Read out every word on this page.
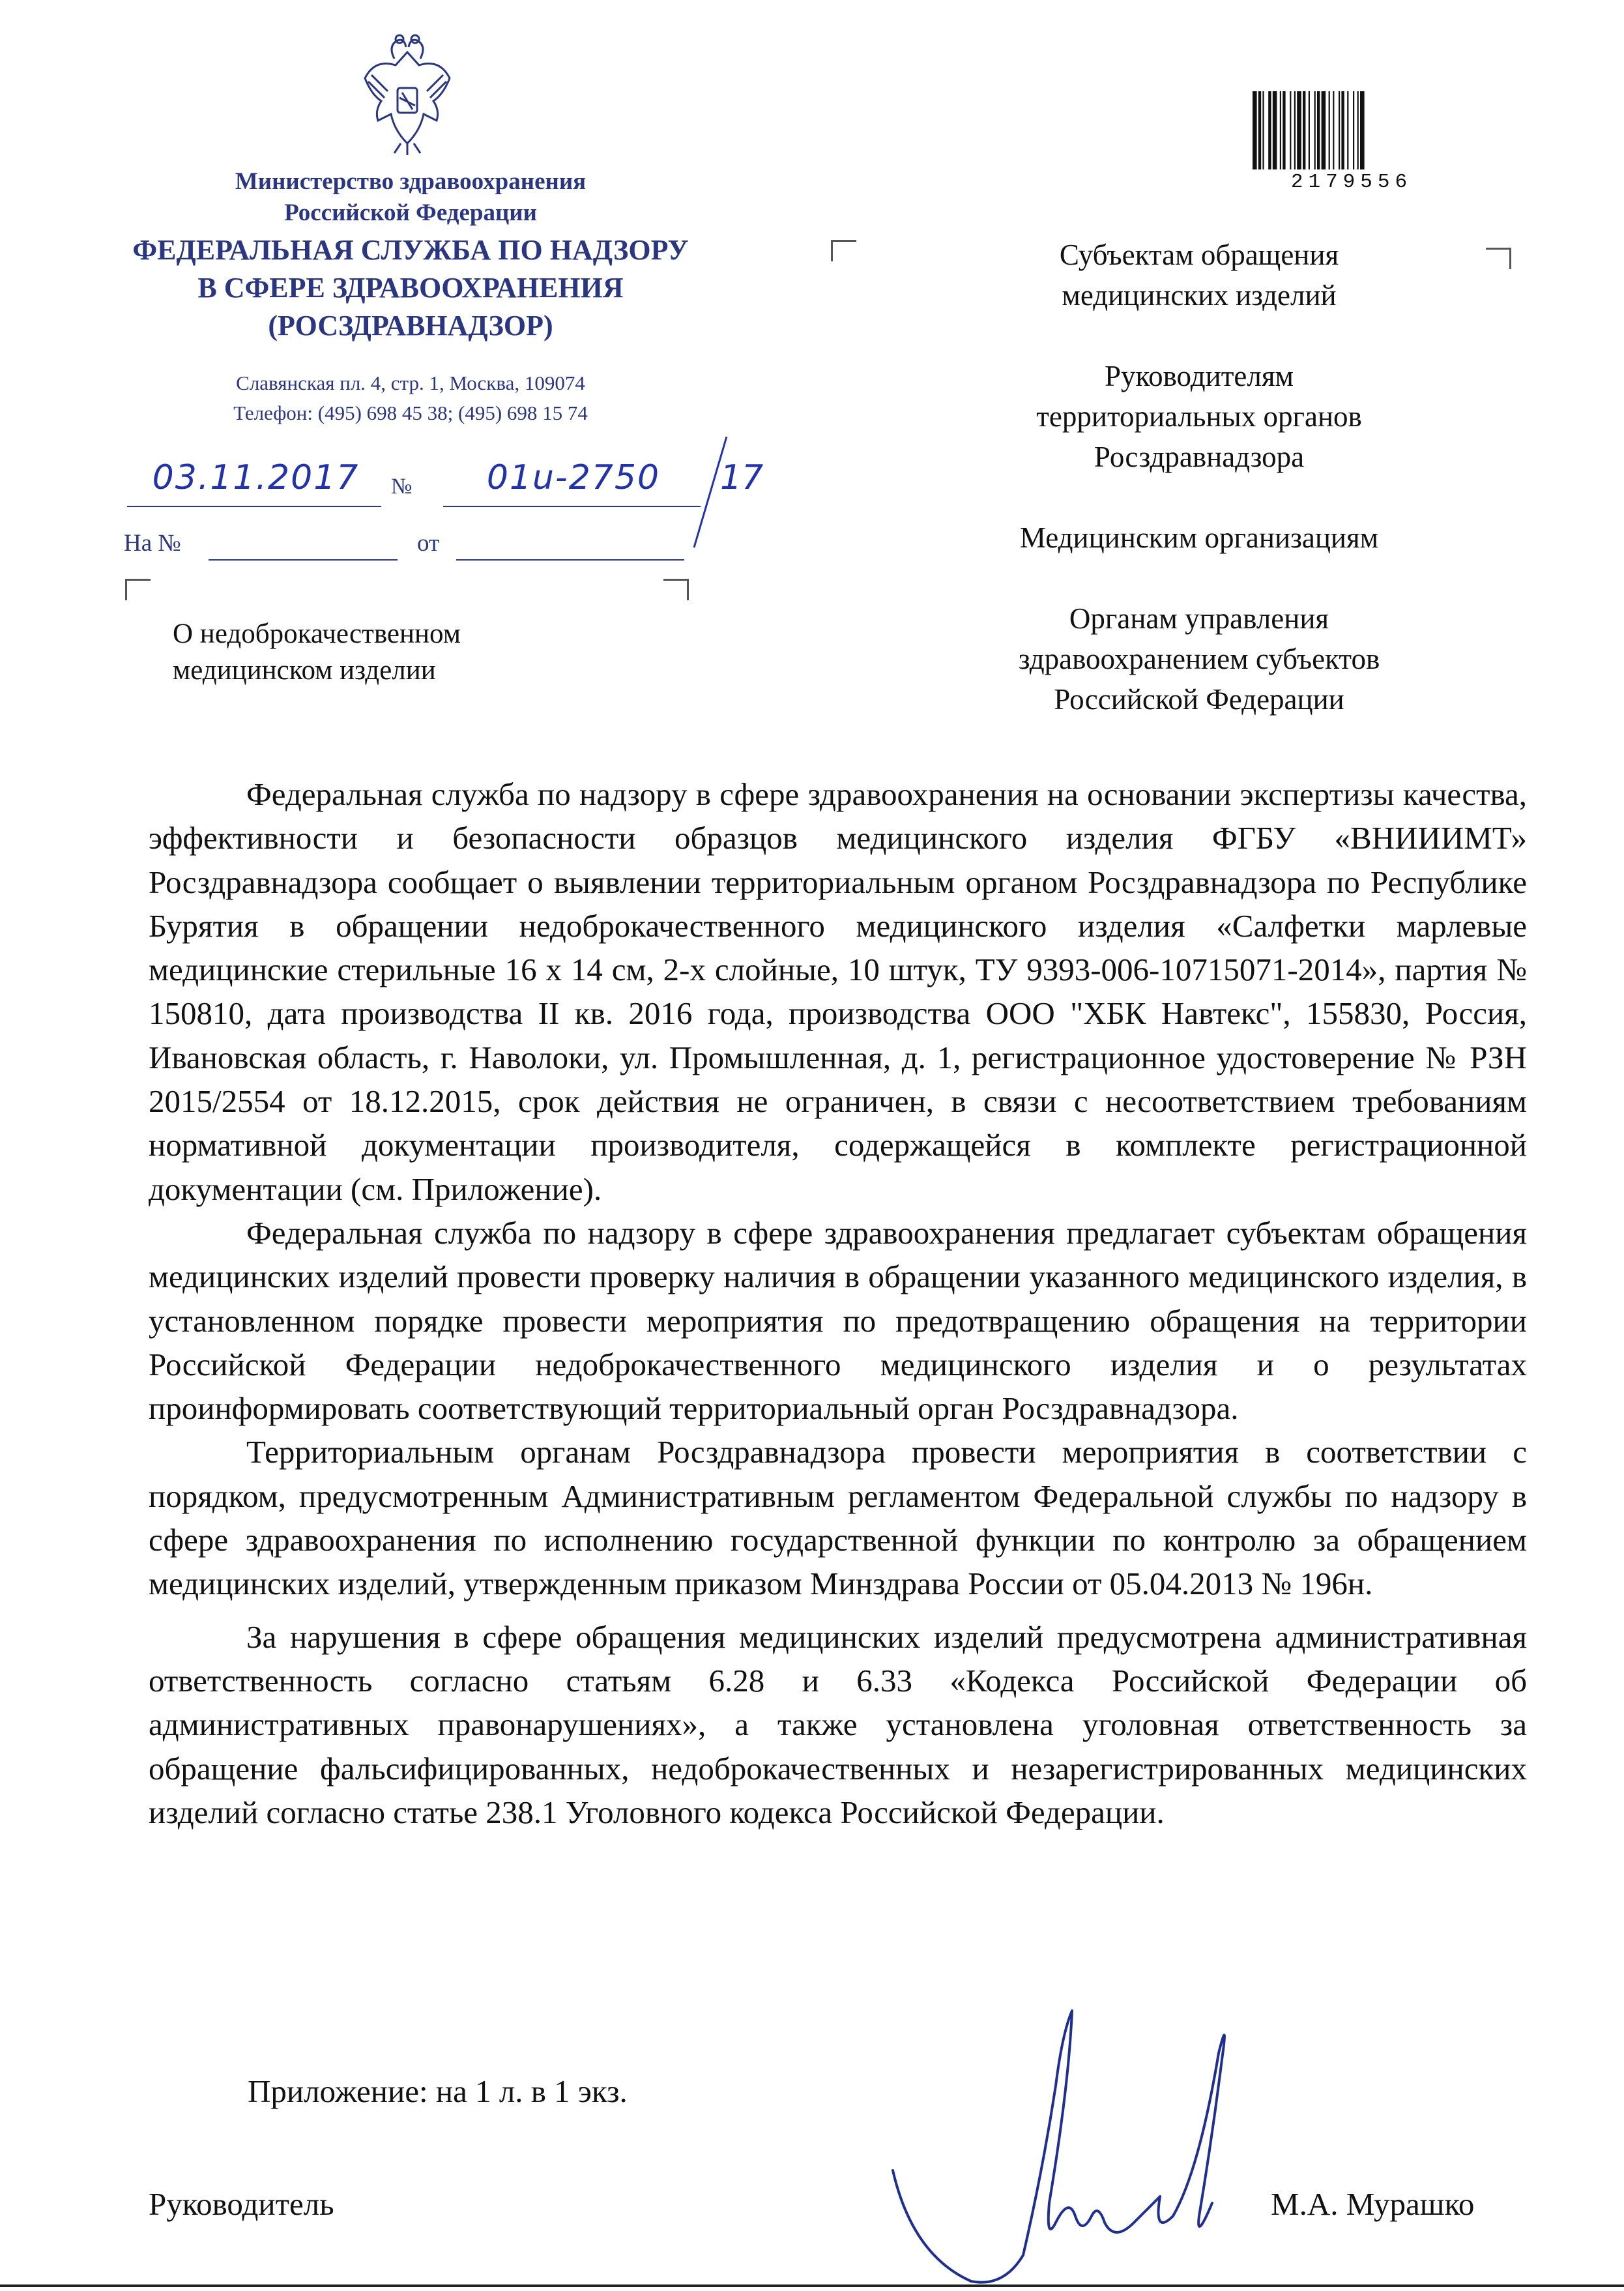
Министерство здравоохранения
Российской Федерации
ФЕДЕРАЛЬНАЯ СЛУЖБА ПО НАДЗОРУ
В СФЕРЕ ЗДРАВООХРАНЕНИЯ
(РОСЗДРАВНАДЗОР)
Славянская пл. 4, стр. 1, Москва, 109074
Телефон: (495) 698 45 38; (495) 698 15 74
2179556
03.11.2017	№	01u-2750	17
На №	от
О недоброкачественном
медицинском изделии
Субъектам обращения
медицинских изделий
Руководителям
территориальных органов
Росздравнадзора
Медицинским организациям
Органам управления
здравоохранением субъектов
Российской Федерации

Федеральная служба по надзору в сфере здравоохранения на основании экспертизы качества, эффективности и безопасности образцов медицинского изделия ФГБУ «ВНИИИМТ» Росздравнадзора сообщает о выявлении территориальным органом Росздравнадзора по Республике Бурятия в обращении недоброкачественного медицинского изделия «Салфетки марлевые медицинские стерильные 16 х 14 см, 2-х слойные, 10 штук, ТУ 9393-006-10715071-2014», партия № 150810, дата производства II кв. 2016 года, производства ООО "ХБК Навтекс", 155830, Россия, Ивановская область, г. Наволоки, ул. Промышленная, д. 1, регистрационное удостоверение № РЗН 2015/2554 от 18.12.2015, срок действия не ограничен, в связи с несоответствием требованиям нормативной документации производителя, содержащейся в комплекте регистрационной документации (см. Приложение).

Федеральная служба по надзору в сфере здравоохранения предлагает субъектам обращения медицинских изделий провести проверку наличия в обращении указанного медицинского изделия, в установленном порядке провести мероприятия по предотвращению обращения на территории Российской Федерации недоброкачественного медицинского изделия и о результатах проинформировать соответствующий территориальный орган Росздравнадзора.

Территориальным органам Росздравнадзора провести мероприятия в соответствии с порядком, предусмотренным Административным регламентом Федеральной службы по надзору в сфере здравоохранения по исполнению государственной функции по контролю за обращением медицинских изделий, утвержденным приказом Минздрава России от 05.04.2013 № 196н.

За нарушения в сфере обращения медицинских изделий предусмотрена административная ответственность согласно статьям 6.28 и 6.33 «Кодекса Российской Федерации об административных правонарушениях», а также установлена уголовная ответственность за обращение фальсифицированных, недоброкачественных и незарегистрированных медицинских изделий согласно статье 238.1 Уголовного кодекса Российской Федерации.

Приложение: на 1 л. в 1 экз.
Руководитель	М.А. Мурашко
